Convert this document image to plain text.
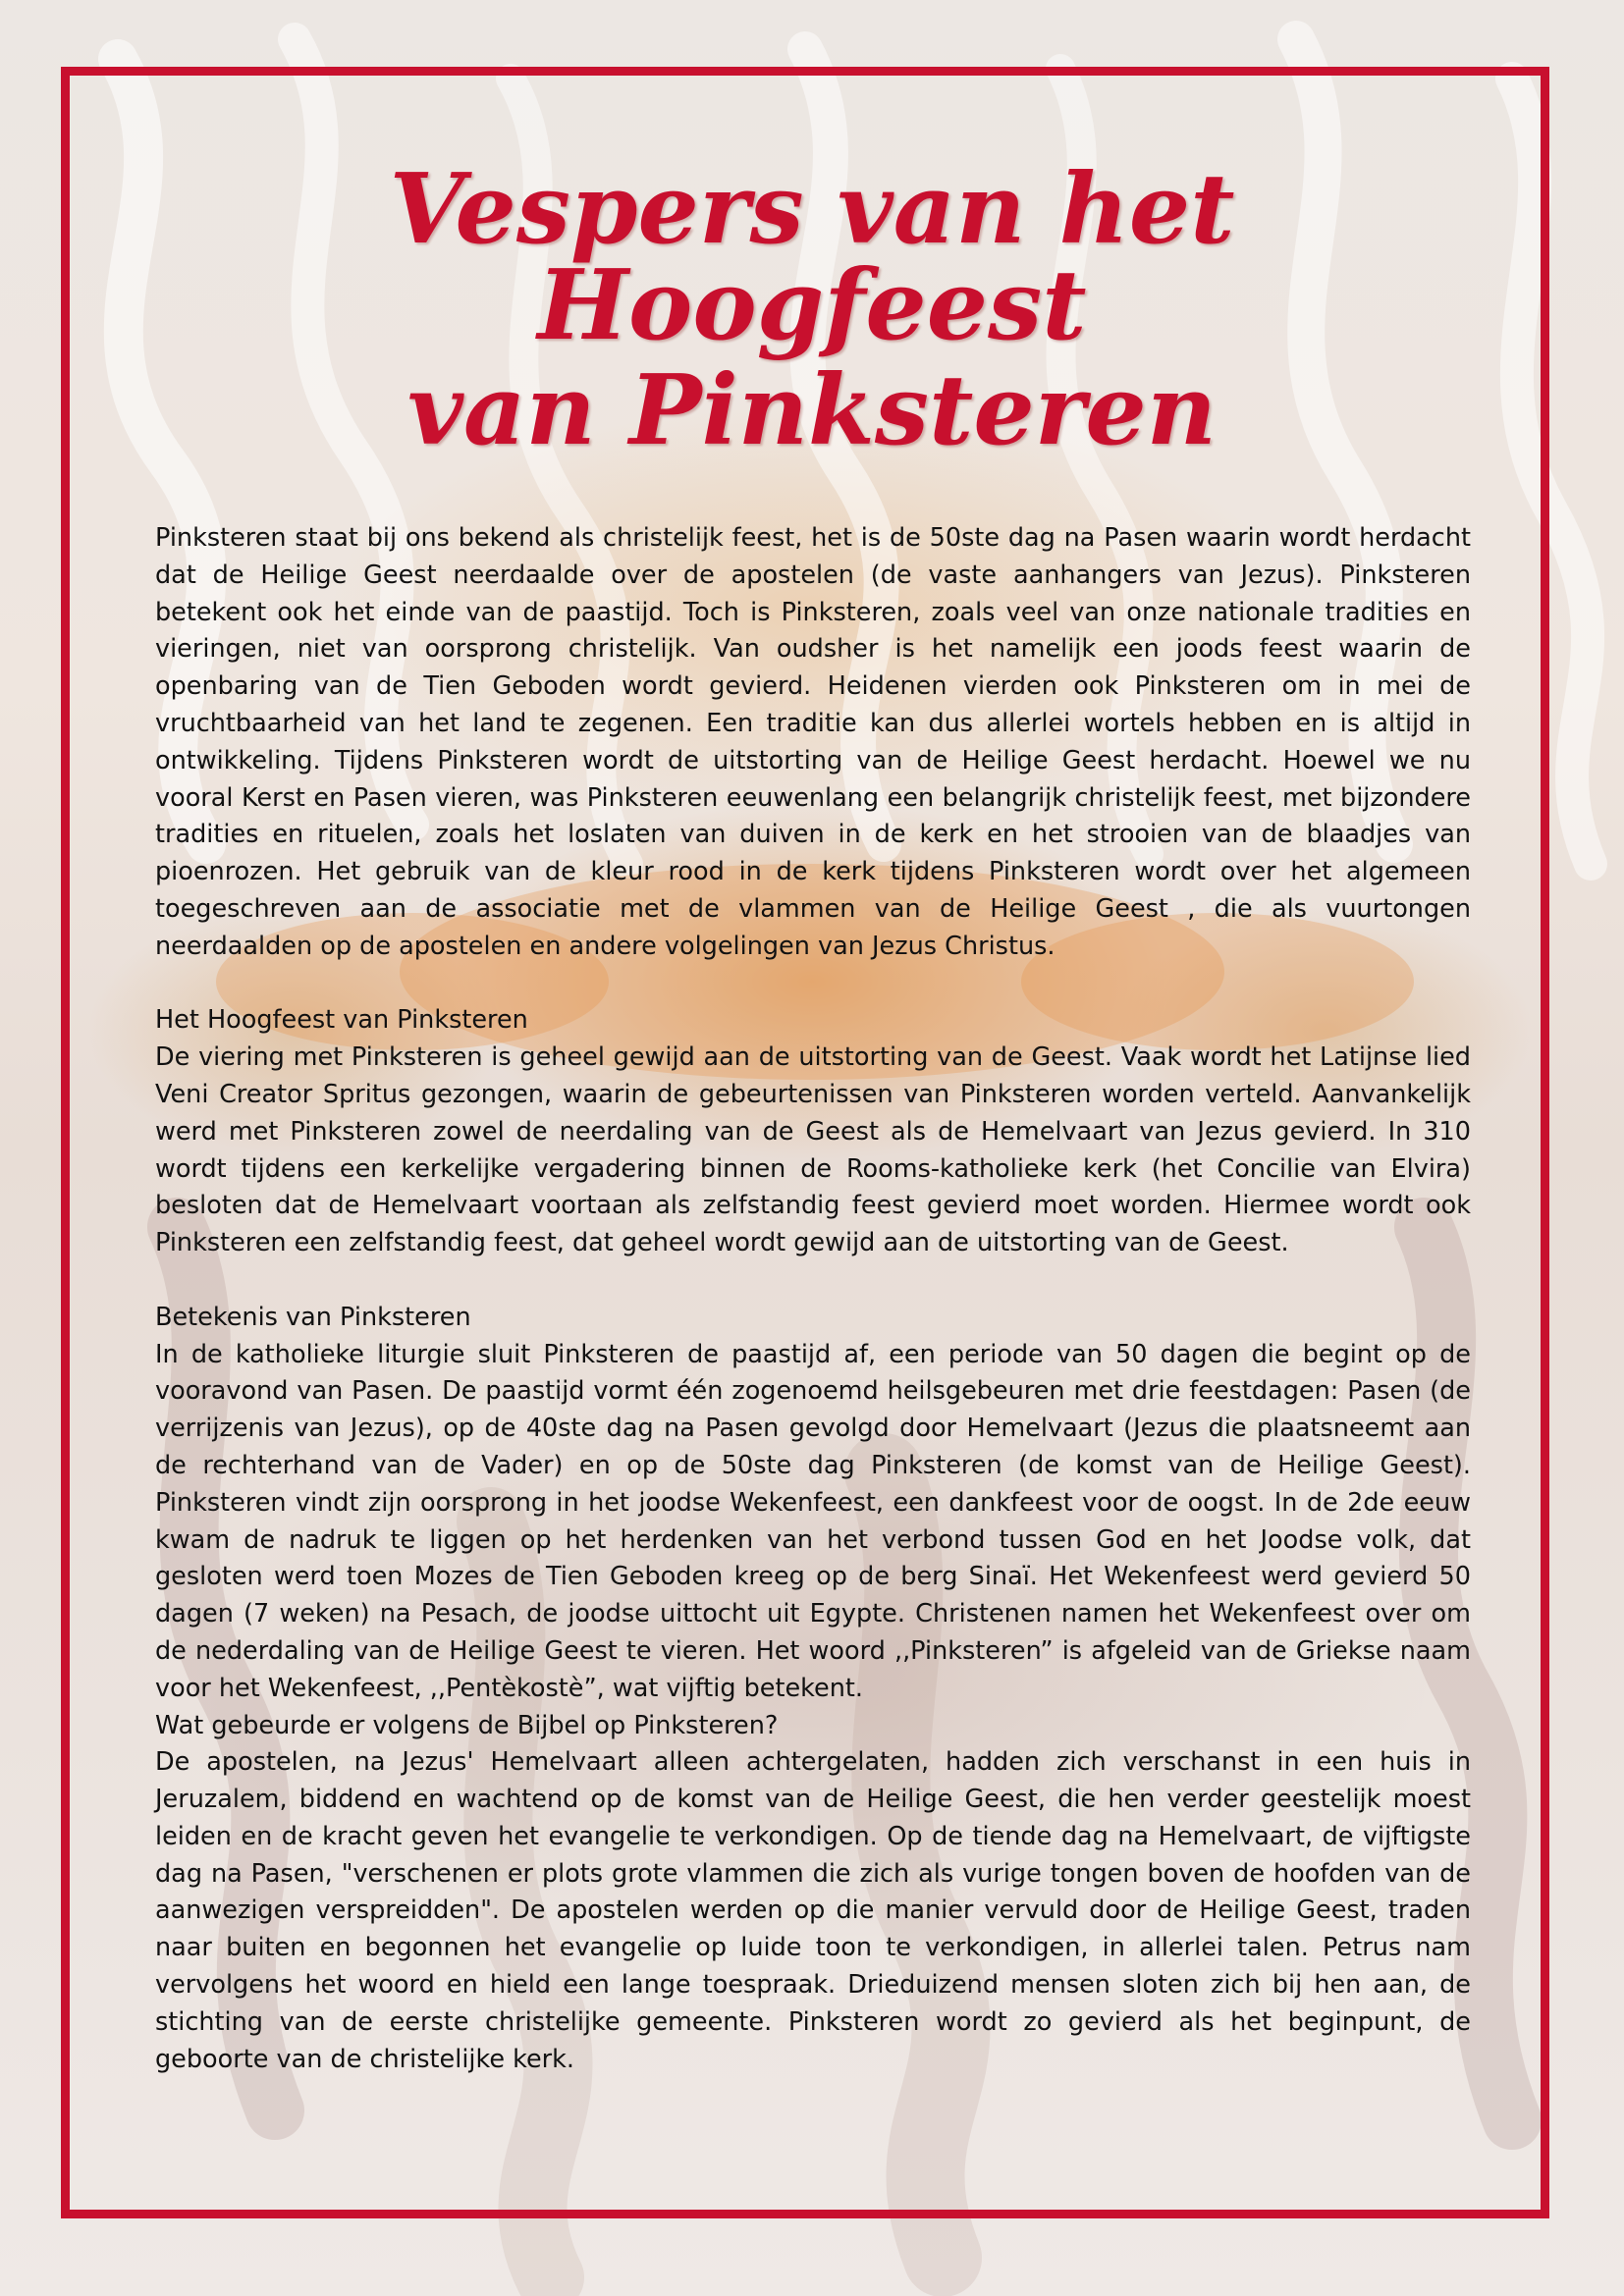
Vespers van het Hoogfeest
van Pinksteren

Pinksteren staat bij ons bekend als christelijk feest, het is de 50ste dag na Pasen waarin wordt herdacht dat de Heilige Geest neerdaalde over de apostelen (de vaste aanhangers van Jezus). Pinksteren betekent ook het einde van de paastijd. Toch is Pinksteren, zoals veel van onze nationale tradities en vieringen, niet van oorsprong christelijk. Van oudsher is het namelijk een joods feest waarin de openbaring van de Tien Geboden wordt gevierd. Heidenen vierden ook Pinksteren om in mei de vruchtbaarheid van het land te zegenen. Een traditie kan dus allerlei wortels hebben en is altijd in ontwikkeling. Tijdens Pinksteren wordt de uitstorting van de Heilige Geest herdacht. Hoewel we nu vooral Kerst en Pasen vieren, was Pinksteren eeuwenlang een belangrijk christelijk feest, met bijzondere tradities en rituelen, zoals het loslaten van duiven in de kerk en het strooien van de blaadjes van pioenrozen. Het gebruik van de kleur rood in de kerk tijdens Pinksteren wordt over het algemeen toegeschreven aan de associatie met de vlammen van de Heilige Geest , die als vuurtongen neerdaalden op de apostelen en andere volgelingen van Jezus Christus.

Het Hoogfeest van Pinksteren

De viering met Pinksteren is geheel gewijd aan de uitstorting van de Geest. Vaak wordt het Latijnse lied Veni Creator Spritus gezongen, waarin de gebeurtenissen van Pinksteren worden verteld. Aanvankelijk werd met Pinksteren zowel de neerdaling van de Geest als de Hemelvaart van Jezus gevierd. In 310 wordt tijdens een kerkelijke vergadering binnen de Rooms-katholieke kerk (het Concilie van Elvira) besloten dat de Hemelvaart voortaan als zelfstandig feest gevierd moet worden. Hiermee wordt ook Pinksteren een zelfstandig feest, dat geheel wordt gewijd aan de uitstorting van de Geest.

Betekenis van Pinksteren

In de katholieke liturgie sluit Pinksteren de paastijd af, een periode van 50 dagen die begint op de vooravond van Pasen. De paastijd vormt één zogenoemd heilsgebeuren met drie feestdagen: Pasen (de verrijzenis van Jezus), op de 40ste dag na Pasen gevolgd door Hemelvaart (Jezus die plaatsneemt aan de rechterhand van de Vader) en op de 50ste dag Pinksteren (de komst van de Heilige Geest). Pinksteren vindt zijn oorsprong in het joodse Wekenfeest, een dankfeest voor de oogst. In de 2de eeuw kwam de nadruk te liggen op het herdenken van het verbond tussen God en het Joodse volk, dat gesloten werd toen Mozes de Tien Geboden kreeg op de berg Sinaï. Het Wekenfeest werd gevierd 50 dagen (7 weken) na Pesach, de joodse uittocht uit Egypte. Christenen namen het Wekenfeest over om de nederdaling van de Heilige Geest te vieren. Het woord ,,Pinksteren” is afgeleid van de Griekse naam voor het Wekenfeest, ,,Pentèkostè”, wat vijftig betekent.

Wat gebeurde er volgens de Bijbel op Pinksteren?

De apostelen, na Jezus' Hemelvaart alleen achtergelaten, hadden zich verschanst in een huis in Jeruzalem, biddend en wachtend op de komst van de Heilige Geest, die hen verder geestelijk moest leiden en de kracht geven het evangelie te verkondigen. Op de tiende dag na Hemelvaart, de vijftigste dag na Pasen, "verschenen er plots grote vlammen die zich als vurige tongen boven de hoofden van de aanwezigen verspreidden". De apostelen werden op die manier vervuld door de Heilige Geest, traden naar buiten en begonnen het evangelie op luide toon te verkondigen, in allerlei talen. Petrus nam vervolgens het woord en hield een lange toespraak. Drieduizend mensen sloten zich bij hen aan, de stichting van de eerste christelijke gemeente. Pinksteren wordt zo gevierd als het beginpunt, de geboorte van de christelijke kerk.
